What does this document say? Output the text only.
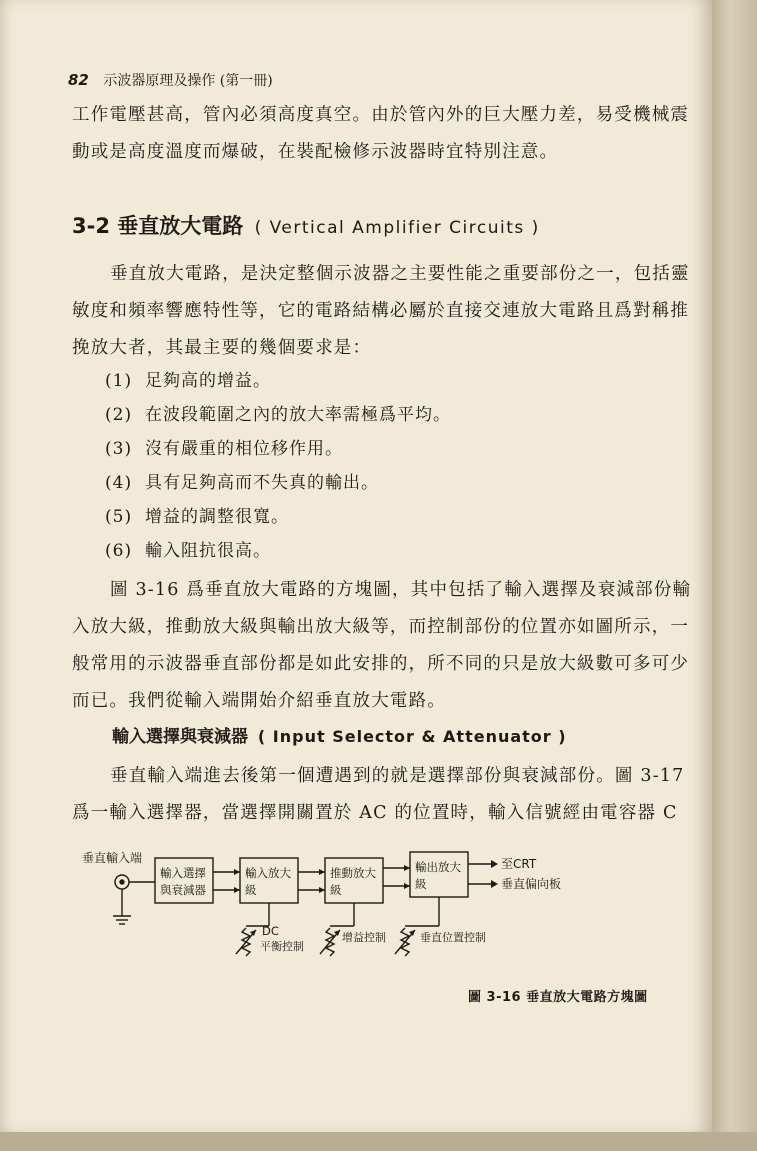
82 示波器原理及操作 (第一冊)
工作電壓甚高，管內必須高度真空。由於管內外的巨大壓力差，易受機械震動或是高度溫度而爆破，在裝配檢修示波器時宜特別注意。
3-2 垂直放大電路 ( Vertical Amplifier Circuits )
垂直放大電路，是決定整個示波器之主要性能之重要部份之一，包括靈敏度和頻率響應特性等，它的電路結構必屬於直接交連放大電路且爲對稱推挽放大者，其最主要的幾個要求是：
(1) 足夠高的增益。
(2) 在波段範圍之內的放大率需極爲平均。
(3) 沒有嚴重的相位移作用。
(4) 具有足夠高而不失真的輸出。
(5) 增益的調整很寬。
(6) 輸入阻抗很高。
圖 3-16 爲垂直放大電路的方塊圖，其中包括了輸入選擇及衰減部份輸入放大級，推動放大級與輸出放大級等，而控制部份的位置亦如圖所示，一般常用的示波器垂直部份都是如此安排的，所不同的只是放大級數可多可少而已。我們從輸入端開始介紹垂直放大電路。
輸入選擇與衰減器 ( Input Selector & Attenuator )
垂直輸入端進去後第一個遭遇到的就是選擇部份與衰減部份。圖 3-17 爲一輸入選擇器，當選擇開關置於 AC 的位置時，輸入信號經由電容器 C
垂直輸入端
輸入選擇
與衰減器
輸入放大
級
推動放大
級
輸出放大
級
至CRT
垂直偏向板
DC
平衡控制
增益控制	垂直位置控制
圖 3-16 垂直放大電路方塊圖
